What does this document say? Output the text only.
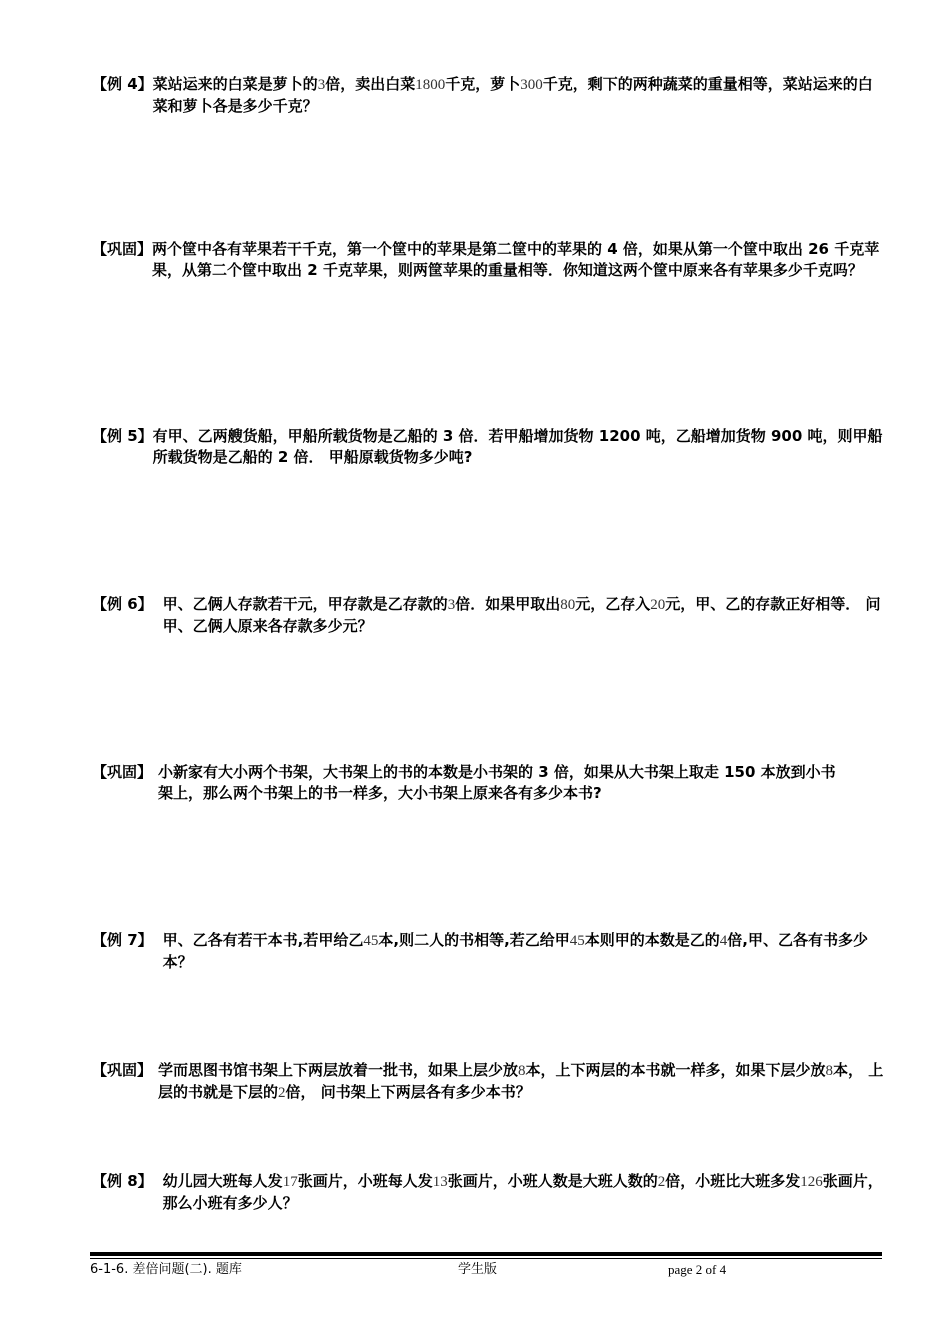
【例 4】 菜站运来的白菜是萝卜的3倍，卖出白菜1800千克，萝卜300千克，剩下的两种蔬菜的重量相等，菜站运来的白菜和萝卜各是多少千克？
【巩固】 两个筐中各有苹果若干千克，第一个筐中的苹果是第二筐中的苹果的 4 倍，如果从第一个筐中取出 26 千克苹果，从第二个筐中取出 2 千克苹果，则两筐苹果的重量相等．你知道这两个筐中原来各有苹果多少千克吗？
【例 5】 有甲、乙两艘货船，甲船所载货物是乙船的 3 倍．若甲船增加货物 1200 吨，乙船增加货物 900 吨，则甲船所载货物是乙船的 2 倍． 甲船原载货物多少吨?
【例 6】 甲、乙俩人存款若干元，甲存款是乙存款的3倍．如果甲取出80元，乙存入20元，甲、乙的存款正好相等． 问甲、乙俩人原来各存款多少元？
【巩固】 小新家有大小两个书架，大书架上的书的本数是小书架的 3 倍，如果从大书架上取走 150 本放到小书架上，那么两个书架上的书一样多，大小书架上原来各有多少本书?
【例 7】 甲、乙各有若干本书,若甲给乙45本,则二人的书相等,若乙给甲45本则甲的本数是乙的4倍,甲、乙各有书多少本？
【巩固】 学而思图书馆书架上下两层放着一批书，如果上层少放8本，上下两层的本书就一样多，如果下层少放8本， 上层的书就是下层的2倍， 问书架上下两层各有多少本书？
【例 8】 幼儿园大班每人发17张画片，小班每人发13张画片，小班人数是大班人数的2倍，小班比大班多发126张画片，那么小班有多少人？
6-1-6. 差倍问题(二). 题库	学生版	page 2 of 4
